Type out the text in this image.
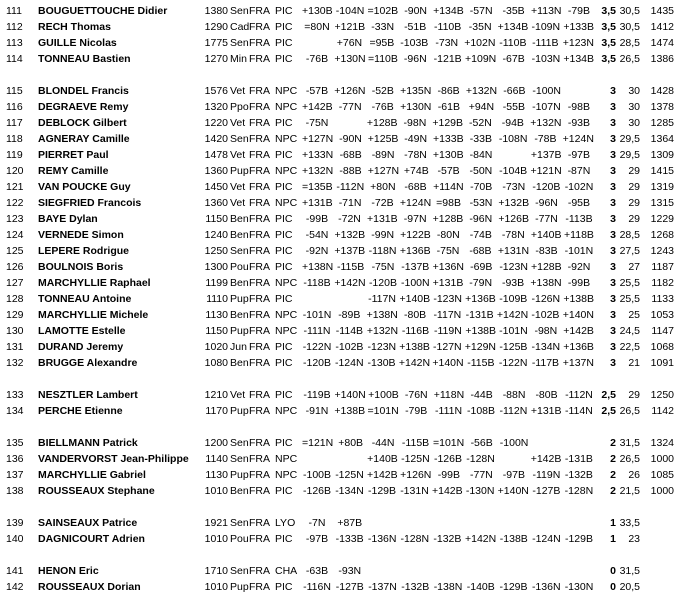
111	BOUGUETTOUCHE Didier	1380 Sen FRA PIC +130B -104N =102B -90N +134B -57N -35B +113N -79B	3,5 30,5	1435
112	RECH Thomas	1290 Cad FRA PIC =80N +121B -33N -51B -110B -35N +134B -109N +133B 3,5 30,5	1412
113	GUILLE Nicolas	1775 Sen FRA PIC	+76N =95B -103B -73N +102N -110B -111B +123N 3,5 28,5	1474
114	TONNEAU Bastien	1270 Min FRA PIC	-76B +130N =110B -96N -121B +109N -67B -103N +134B 3,5 26,5	1386
115	BLONDEL Francis	1576 Vet FRA NPC -57B +126N -52B +135N -86B +132N -66B -100N	3	30	1428
116	DEGRAEVE Remy	1320 Ppo FRA NPC +142B -77N -76B +130N -61B +94N -55B -107N -98B	3	30	1378
117	DEBLOCK Gilbert	1220 Vet FRA PIC	-75N	+128B -98N +129B -52N -94B +132N -93B	3	30	1285
118	AGNERAY Camille	1420 Sen FRA NPC +127N -90N +125B -49N +133B -33B -108N -78B +124N	3 29,5	1364
119	PIERRET Paul	1478 Vet FRA PIC +133N -68B -89N -78N +130B -84N	+137B -97B	3 29,5	1309
120	REMY Camille	1360 Pup FRA NPC +132N -88B +127N +74B -57B -50N -104B +121N -87N	3	29	1415
121	VAN POUCKE Guy	1450 Vet FRA PIC =135B -112N +80N -68B +114N -70B -73N -120B -102N	3	29	1319
122	SIEGFRIED Francois	1360 Vet FRA NPC +131B -71N -72B +124N =98B -53N +132B -96N -95B	3	29	1315
123	BAYE Dylan	1150 Ben FRA PIC	-99B -72N +131B -97N +128B -96N +126B -77N -113B	3	29	1229
124	VERNEDE Simon	1240 Ben FRA PIC	-54N +132B -99N +122B -80N -74B -78N +140B +118B	3 28,5	1268
125	LEPERE Rodrigue	1250 Sen FRA PIC	-92N +137B -118N +136B -75N -68B +131N -83B -101N	3 27,5	1243
126	BOULNOIS Boris	1300 Pou FRA PIC +138N -115B -75N -137B +136N -69B -123N +128B -92N	3	27	1187
127	MARCHYLLIE Raphael	1199 Ben FRA NPC -118B +142N -120B -100N +131B -79N -93B +138N -99B	3 25,5	1182
128	TONNEAU Antoine	1110 Pup FRA PIC	-117N +140B -123N +136B -109B -126N +138B	3 25,5	1133
129	MARCHYLLIE Michele	1130 Ben FRA NPC -101N -89B +138N -80B -117N -131B +142N -102B +140N	3	25	1053
130	LAMOTTE Estelle	1150 Pup FRA NPC -111N -114B +132N -116B -119N +138B -101N -98N +142B	3 24,5	1147
131	DURAND Jeremy	1020 Jun FRA PIC -122N -102B -123N +138B -127N +129N -125B -134N +136B	3 22,5	1068
132	BRUGGE Alexandre	1080 Ben FRA PIC -120B -124N -130B +142N +140N -115B -122N -117B +137N	3	21	1091
133	NESZTLER Lambert	1210 Vet FRA PIC -119B +140N +100B -76N +118N -44B -88N -80B -112N 2,5	29	1250
134	PERCHE Etienne	1170 Pup FRA NPC -91N +138B =101N -79B -111N -108B -112N +131B -114N 2,5 26,5	1142
135	BIELLMANN Patrick	1200 Sen FRA PIC =121N +80B -44N -115B =101N -56B -100N	2 31,5	1324
136	VANDERVORST Jean-Philippe	1140 Sen FRA NPC	+140B -125N -126B -128N	+142B -131B	2 26,5	1000
137	MARCHYLLIE Gabriel	1130 Pup FRA NPC -100B -125N +142B +126N -99B -77N -97B -119N -132B	2	26	1085
138	ROUSSEAUX Stephane	1010 Ben FRA PIC -126B -134N -129B -131N +142B -130N +140N -127B -128N	2 21,5	1000
139	SAINSEAUX Patrice	1921 Sen FRA LYO	-7N	+87B	1 33,5
140	DAGNICOURT Adrien	1010 Pou FRA PIC	-97B -133B -136N -128N -132B +142N -138B -124N -129B	1	23
141	HENON Eric	1710 Sen FRA CHA -63B -93N	0 31,5
142	ROUSSEAUX Dorian	1010 Pup FRA PIC -116N -127B -137N -132B -138N -140B -129B -136N -130N	0 20,5
